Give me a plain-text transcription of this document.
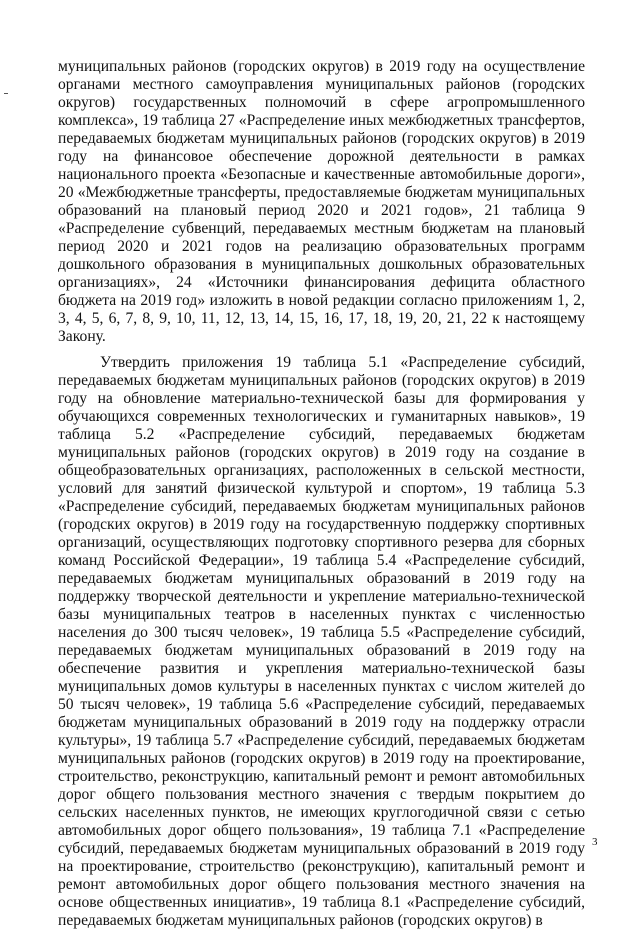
муниципальных районов (городских округов) в 2019 году на осуществление органами местного самоуправления муниципальных районов (городских округов) государственных полномочий в сфере агропромышленного комплекса», 19 таблица 27 «Распределение иных межбюджетных трансфертов, передаваемых бюджетам муниципальных районов (городских округов) в 2019 году на финансовое обеспечение дорожной деятельности в рамках национального проекта «Безопасные и качественные автомобильные дороги», 20 «Межбюджетные трансферты, предоставляемые бюджетам муниципальных образований на плановый период 2020 и 2021 годов», 21 таблица 9 «Распределение субвенций, передаваемых местным бюджетам на плановый период 2020 и 2021 годов на реализацию образовательных программ дошкольного образования в муниципальных дошкольных образовательных организациях», 24 «Источники финансирования дефицита областного бюджета на 2019 год» изложить в новой редакции согласно приложениям 1, 2, 3, 4, 5, 6, 7, 8, 9, 10, 11, 12, 13, 14, 15, 16, 17, 18, 19, 20, 21, 22 к настоящему Закону.

Утвердить приложения 19 таблица 5.1 «Распределение субсидий, передаваемых бюджетам муниципальных районов (городских округов) в 2019 году на обновление материально-технической базы для формирования у обучающихся современных технологических и гуманитарных навыков», 19 таблица 5.2 «Распределение субсидий, передаваемых бюджетам муниципальных районов (городских округов) в 2019 году на создание в общеобразовательных организациях, расположенных в сельской местности, условий для занятий физической культурой и спортом», 19 таблица 5.3 «Распределение субсидий, передаваемых бюджетам муниципальных районов (городских округов) в 2019 году на государственную поддержку спортивных организаций, осуществляющих подготовку спортивного резерва для сборных команд Российской Федерации», 19 таблица 5.4 «Распределение субсидий, передаваемых бюджетам муниципальных образований в 2019 году на поддержку творческой деятельности и укрепление материально-технической базы муниципальных театров в населенных пунктах с численностью населения до 300 тысяч человек», 19 таблица 5.5 «Распределение субсидий, передаваемых бюджетам муниципальных образований в 2019 году на обеспечение развития и укрепления материально-технической базы муниципальных домов культуры в населенных пунктах с числом жителей до 50 тысяч человек», 19 таблица 5.6 «Распределение субсидий, передаваемых бюджетам муниципальных образований в 2019 году на поддержку отрасли культуры», 19 таблица 5.7 «Распределение субсидий, передаваемых бюджетам муниципальных районов (городских округов) в 2019 году на проектирование, строительство, реконструкцию, капитальный ремонт и ремонт автомобильных дорог общего пользования местного значения с твердым покрытием до сельских населенных пунктов, не имеющих круглогодичной связи с сетью автомобильных дорог общего пользования», 19 таблица 7.1 «Распределение субсидий, передаваемых бюджетам муниципальных образований в 2019 году на проектирование, строительство (реконструкцию), капитальный ремонт и ремонт автомобильных дорог общего пользования местного значения на основе общественных инициатив», 19 таблица 8.1 «Распределение субсидий, передаваемых бюджетам муниципальных районов (городских округов) в

3
